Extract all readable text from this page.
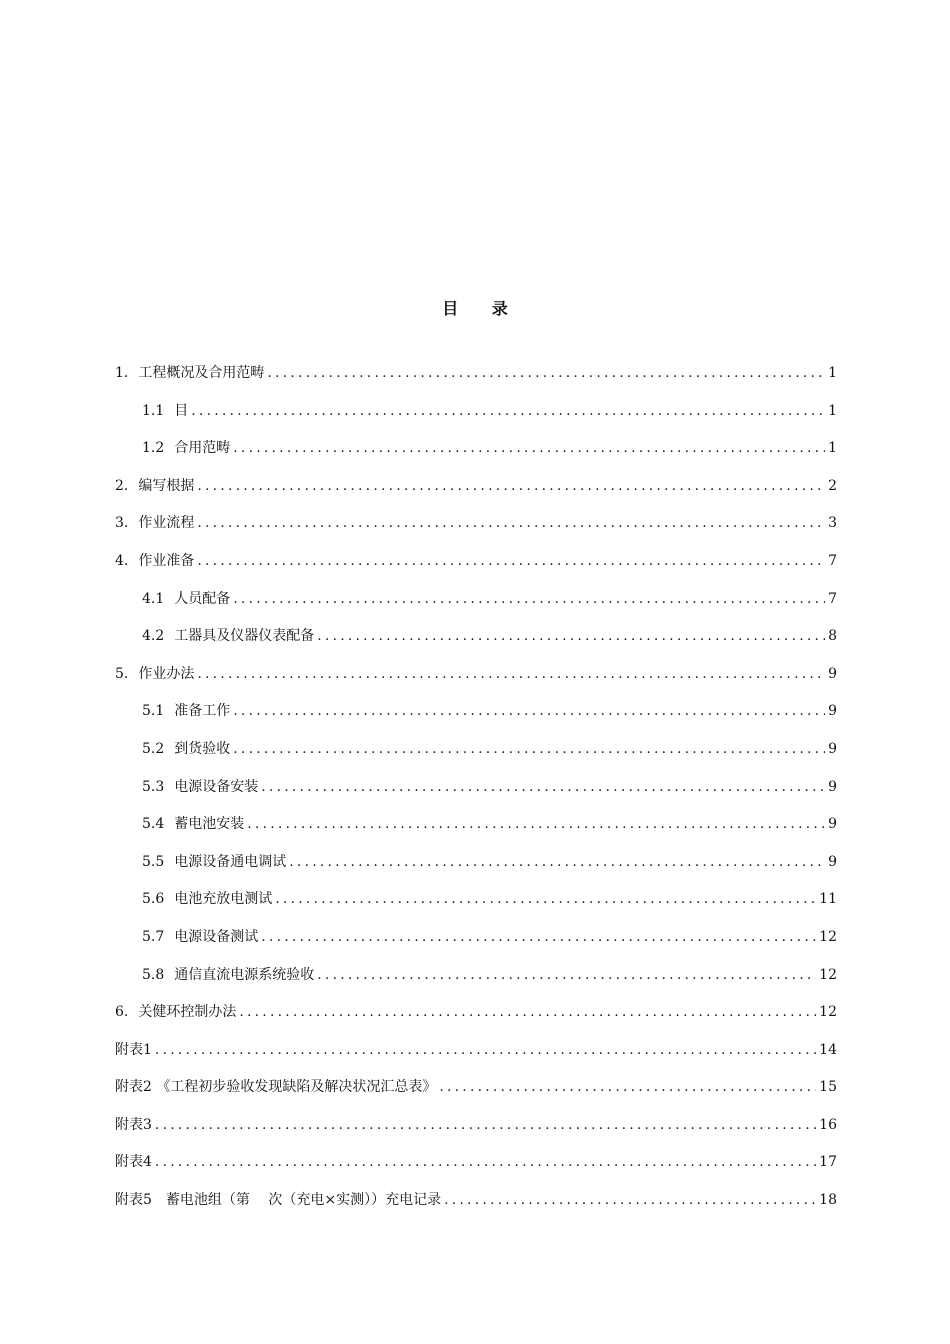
目 录
1. 工程概况及合用范畴 .....	1
1.1 目 .....	1
1.2 合用范畴 .....	1
2. 编写根据 .....	2
3. 作业流程 .....	3
4. 作业准备 .....	7
4.1 人员配备 .....	7
4.2 工器具及仪器仪表配备 .....	8
5. 作业办法 .....	9
5.1 准备工作 .....	9
5.2 到货验收 .....	9
5.3 电源设备安装 .....	9
5.4 蓄电池安装 .....	9
5.5 电源设备通电调试 .....	9
5.6 电池充放电测试 .....	11
5.7 电源设备测试 .....	12
5.8 通信直流电源系统验收 .....	12
6. 关健环控制办法 .....	12
附表1 .....	14
附表2 《工程初步验收发现缺陷及解决状况汇总表》 .....	15
附表3 .....	16
附表4 .....	17
附表5　蓄电池组（第　 次（充电×实测））充电记录 .....	18
